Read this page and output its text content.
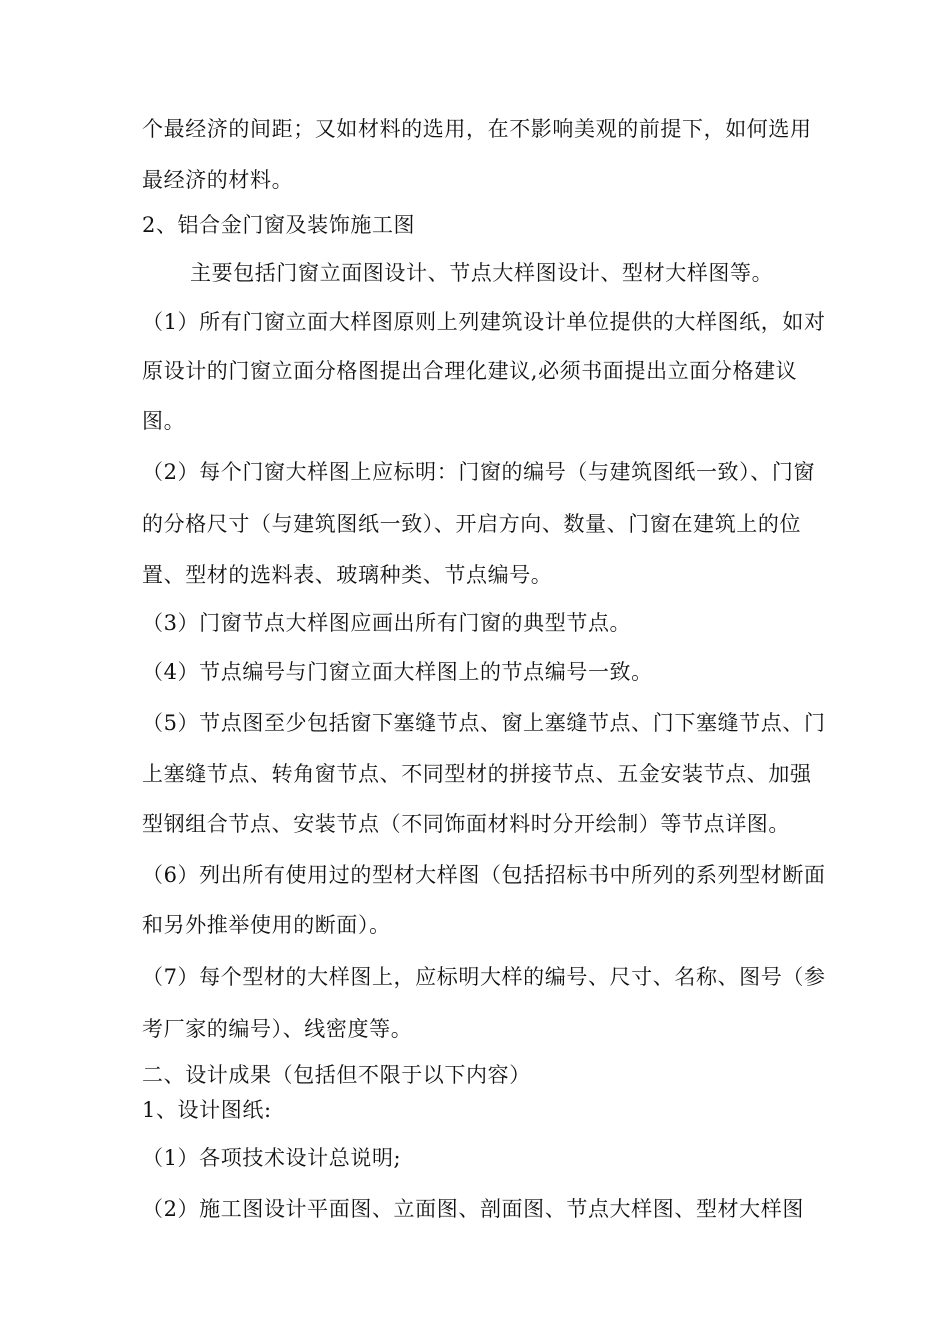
个最经济的间距；又如材料的选用，在不影响美观的前提下，如何选用
最经济的材料。
2、铝合金门窗及装饰施工图
主要包括门窗立面图设计、节点大样图设计、型材大样图等。
（1）所有门窗立面大样图原则上列建筑设计单位提供的大样图纸，如对
原设计的门窗立面分格图提出合理化建议,必须书面提出立面分格建议
图。
（2）每个门窗大样图上应标明：门窗的编号（与建筑图纸一致）、门窗
的分格尺寸（与建筑图纸一致）、开启方向、数量、门窗在建筑上的位
置、型材的选料表、玻璃种类、节点编号。
（3）门窗节点大样图应画出所有门窗的典型节点。
（4）节点编号与门窗立面大样图上的节点编号一致。
（5）节点图至少包括窗下塞缝节点、窗上塞缝节点、门下塞缝节点、门
上塞缝节点、转角窗节点、不同型材的拼接节点、五金安装节点、加强
型钢组合节点、安装节点（不同饰面材料时分开绘制）等节点详图。
（6）列出所有使用过的型材大样图（包括招标书中所列的系列型材断面
和另外推举使用的断面）。
（7）每个型材的大样图上，应标明大样的编号、尺寸、名称、图号（参
考厂家的编号）、线密度等。
二、设计成果（包括但不限于以下内容）
1、设计图纸:
（1）各项技术设计总说明;
（2）施工图设计平面图、立面图、剖面图、节点大样图、型材大样图
